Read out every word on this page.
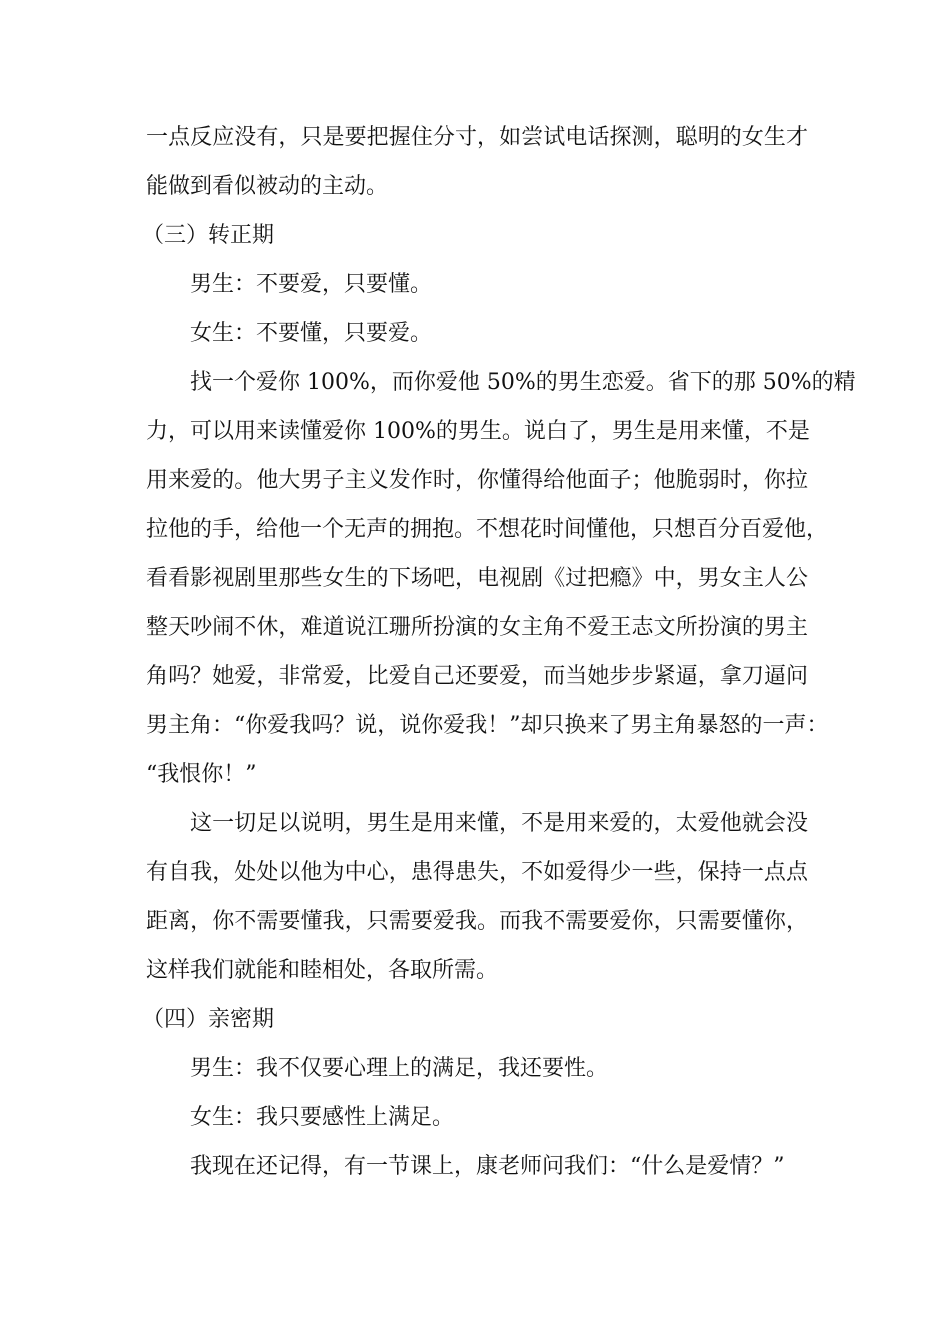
一点反应没有，只是要把握住分寸，如尝试电话探测，聪明的女生才
能做到看似被动的主动。
（三）转正期
男生：不要爱，只要懂。
女生：不要懂，只要爱。
找一个爱你 100%，而你爱他 50%的男生恋爱。省下的那 50%的精
力，可以用来读懂爱你 100%的男生。说白了，男生是用来懂，不是
用来爱的。他大男子主义发作时，你懂得给他面子；他脆弱时，你拉
拉他的手，给他一个无声的拥抱。不想花时间懂他，只想百分百爱他，
看看影视剧里那些女生的下场吧，电视剧《过把瘾》中，男女主人公
整天吵闹不休，难道说江珊所扮演的女主角不爱王志文所扮演的男主
角吗？她爱，非常爱，比爱自己还要爱，而当她步步紧逼，拿刀逼问
男主角：“你爱我吗？说，说你爱我！”却只换来了男主角暴怒的一声：
“我恨你！”
这一切足以说明，男生是用来懂，不是用来爱的，太爱他就会没
有自我，处处以他为中心，患得患失，不如爱得少一些，保持一点点
距离，你不需要懂我，只需要爱我。而我不需要爱你，只需要懂你，
这样我们就能和睦相处，各取所需。
（四）亲密期
男生：我不仅要心理上的满足，我还要性。
女生：我只要感性上满足。
我现在还记得，有一节课上，康老师问我们：“什么是爱情？”
